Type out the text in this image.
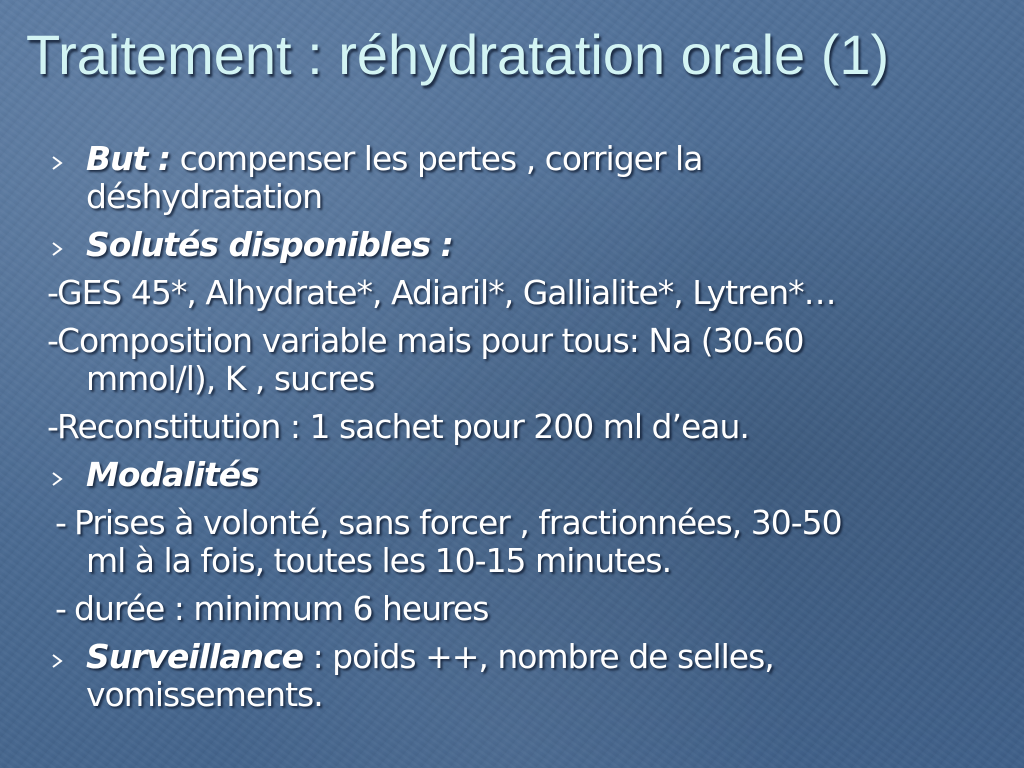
Traitement : réhydratation orale (1)
But : compenser les pertes , corriger la
déshydratation
Solutés disponibles :
- GES 45*, Alhydrate*, Adiaril*, Gallialite*, Lytren*…
- Composition variable mais pour tous: Na (30-60
mmol/l), K , sucres
- Reconstitution : 1 sachet pour 200 ml d’eau.
Modalités
- Prises à volonté, sans forcer , fractionnées, 30-50
ml à la fois, toutes les 10-15 minutes.
- durée : minimum 6 heures
Surveillance : poids ++, nombre de selles,
vomissements.
